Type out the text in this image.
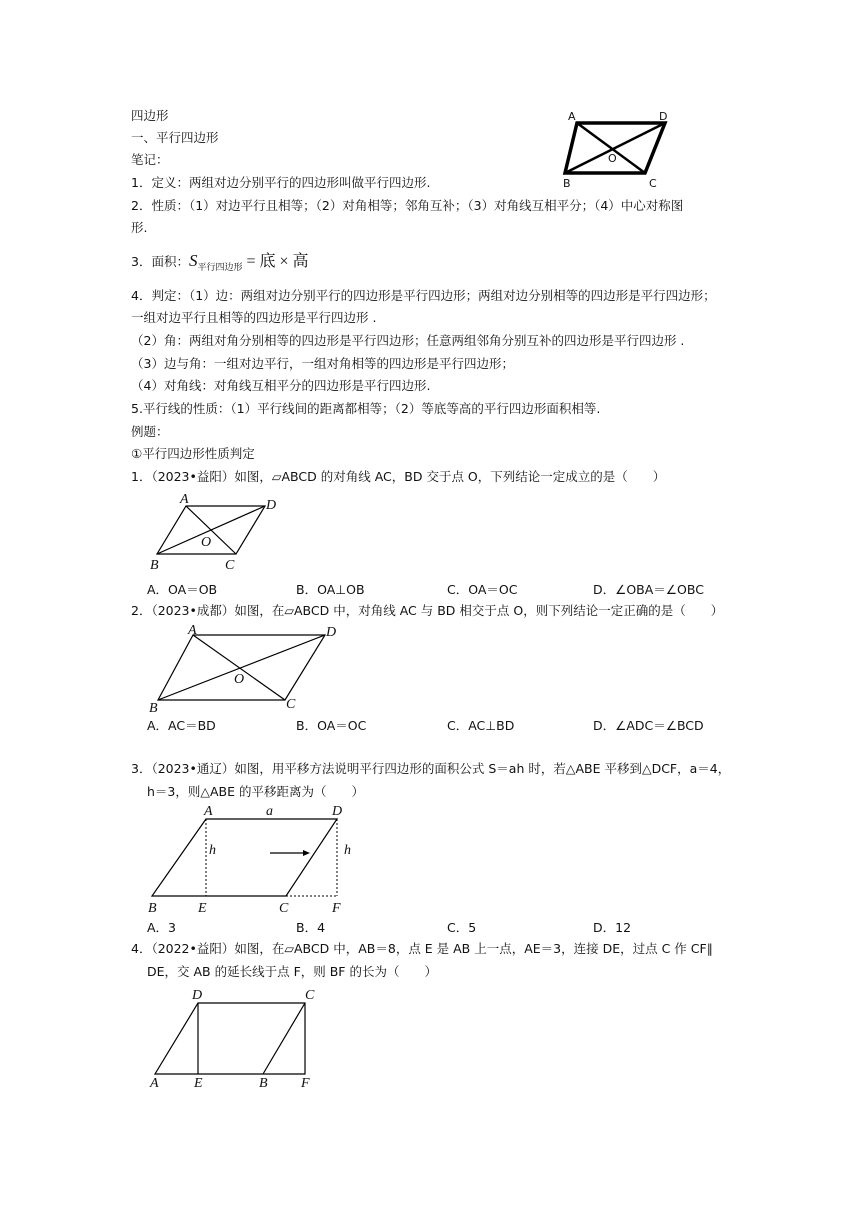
四边形
一、平行四边形
笔记：
1．定义：两组对边分别平行的四边形叫做平行四边形.
2．性质：（1）对边平行且相等；（2）对角相等；邻角互补；（3）对角线互相平分；（4）中心对称图
形.
3．面积：$S_{平行四边形}$ = 底 × 高
4．判定：（1）边：两组对边分别平行的四边形是平行四边形；两组对边分别相等的四边形是平行四边形；
一组对边平行且相等的四边形是平行四边形 .
（2）角：两组对角分别相等的四边形是平行四边形；任意两组邻角分别互补的四边形是平行四边形 .
（3）边与角：一组对边平行，一组对角相等的四边形是平行四边形；
（4）对角线：对角线互相平分的四边形是平行四边形.
5.平行线的性质：（1）平行线间的距离都相等；（2）等底等高的平行四边形面积相等.
例题：
①平行四边形性质判定
A	D
O
B	C
1．（2023•益阳）如图，▱ABCD 的对角线 AC，BD 交于点 O，下列结论一定成立的是（　　）
A	D
O
B	C
A．OA＝OB	B．OA⊥OB	C．OA＝OC	D．∠OBA＝∠OBC
2．（2023•成都）如图，在▱ABCD 中，对角线 AC 与 BD 相交于点 O，则下列结论一定正确的是（　　）
A	D
O
B	C
A．AC＝BD	B．OA＝OC	C．AC⊥BD	D．∠ADC＝∠BCD
3．（2023•通辽）如图，用平移方法说明平行四边形的面积公式 S＝ah 时，若△ABE 平移到△DCF，a＝4，
h＝3，则△ABE 的平移距离为（　　）
A	a	D
h	h
B	E	C	F
A．3	B．4	C．5	D．12
4．（2022•益阳）如图，在▱ABCD 中，AB＝8，点 E 是 AB 上一点，AE＝3，连接 DE，过点 C 作 CF∥
DE，交 AB 的延长线于点 F，则 BF 的长为（　　）
D	C
A	E	B F
